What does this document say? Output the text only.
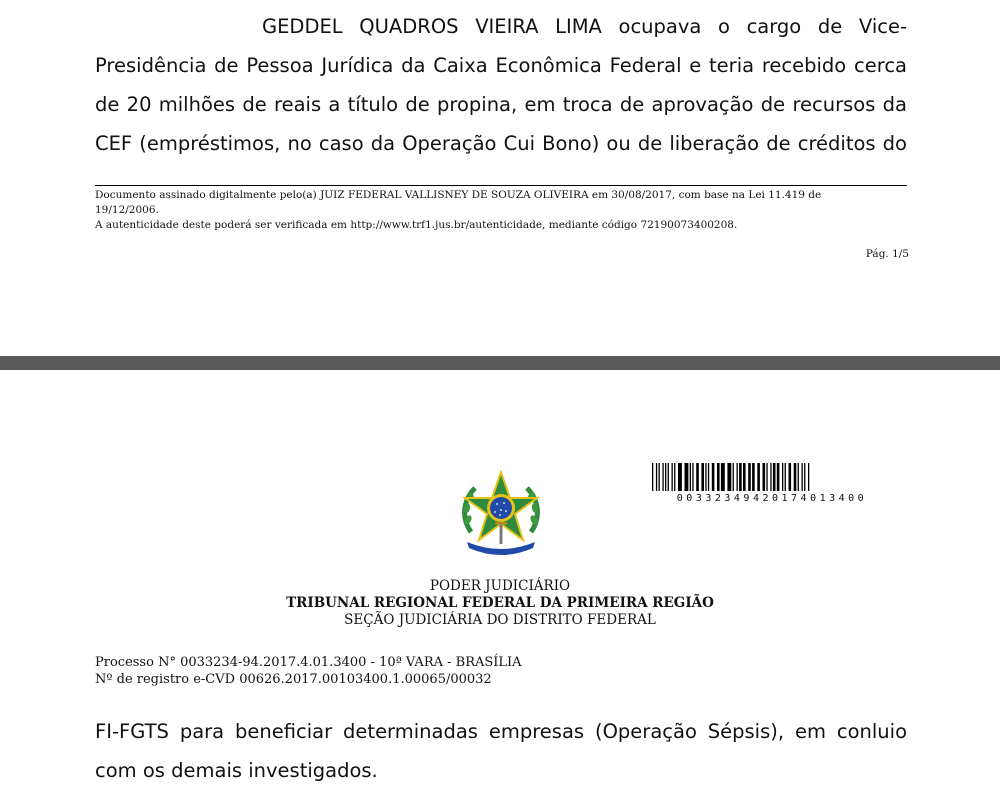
GEDDEL QUADROS VIEIRA LIMA ocupava o cargo de Vice-
Presidência de Pessoa Jurídica da Caixa Econômica Federal e teria recebido cerca
de 20 milhões de reais a título de propina, em troca de aprovação de recursos da
CEF (empréstimos, no caso da Operação Cui Bono) ou de liberação de créditos do
Documento assinado digitalmente pelo(a) JUIZ FEDERAL VALLISNEY DE SOUZA OLIVEIRA em 30/08/2017, com base na Lei 11.419 de
19/12/2006.
A autenticidade deste poderá ser verificada em http://www.trf1.jus.br/autenticidade, mediante código 72190073400208.
Pág. 1/5
00332349420174013400
PODER JUDICIÁRIO
TRIBUNAL REGIONAL FEDERAL DA PRIMEIRA REGIÃO
SEÇÃO JUDICIÁRIA DO DISTRITO FEDERAL
Processo N° 0033234-94.2017.4.01.3400 - 10ª VARA - BRASÍLIA
Nº de registro e-CVD 00626.2017.00103400.1.00065/00032
FI-FGTS para beneficiar determinadas empresas (Operação Sépsis), em conluio
com os demais investigados.
